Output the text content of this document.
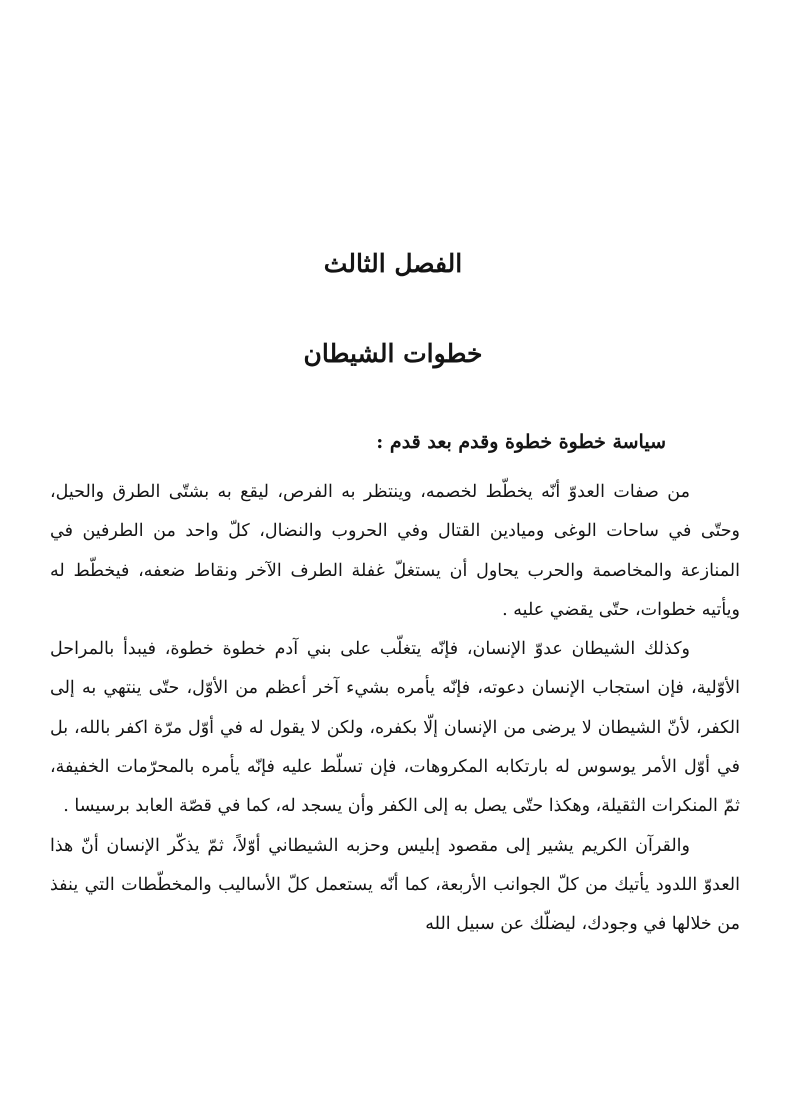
الفصل الثالث
خطوات الشيطان
سياسة خطوة خطوة وقدم بعد قدم :

من صفات العدوّ أنّه يخطّط لخصمه، وينتظر به الفرص، ليقع به بشتّى الطرق والحيل، وحتّى في ساحات الوغى وميادين القتال وفي الحروب والنضال، كلّ واحد من الطرفين في المنازعة والمخاصمة والحرب يحاول أن يستغلّ غفلة الطرف الآخر ونقاط ضعفه، فيخطّط له ويأتيه خطوات، حتّى يقضي عليه .

وكذلك الشيطان عدوّ الإنسان، فإنّه يتغلّب على بني آدم خطوة خطوة، فيبدأ بالمراحل الأوّلية، فإن استجاب الإنسان دعوته، فإنّه يأمره بشيء آخر أعظم من الأوّل، حتّى ينتهي به إلى الكفر، لأنّ الشيطان لا يرضى من الإنسان إلّا بكفره، ولكن لا يقول له في أوّل مرّة اكفر بالله، بل في أوّل الأمر يوسوس له بارتكابه المكروهات، فإن تسلّط عليه فإنّه يأمره بالمحرّمات الخفيفة، ثمّ المنكرات الثقيلة، وهكذا حتّى يصل به إلى الكفر وأن يسجد له، كما في قصّة العابد برسيسا .

والقرآن الكريم يشير إلى مقصود إبليس وحزبه الشيطاني أوّلاً، ثمّ يذكّر الإنسان أنّ هذا العدوّ اللدود يأتيك من كلّ الجوانب الأربعة، كما أنّه يستعمل كلّ الأساليب والمخطّطات التي ينفذ من خلالها في وجودك، ليضلّك عن سبيل الله
